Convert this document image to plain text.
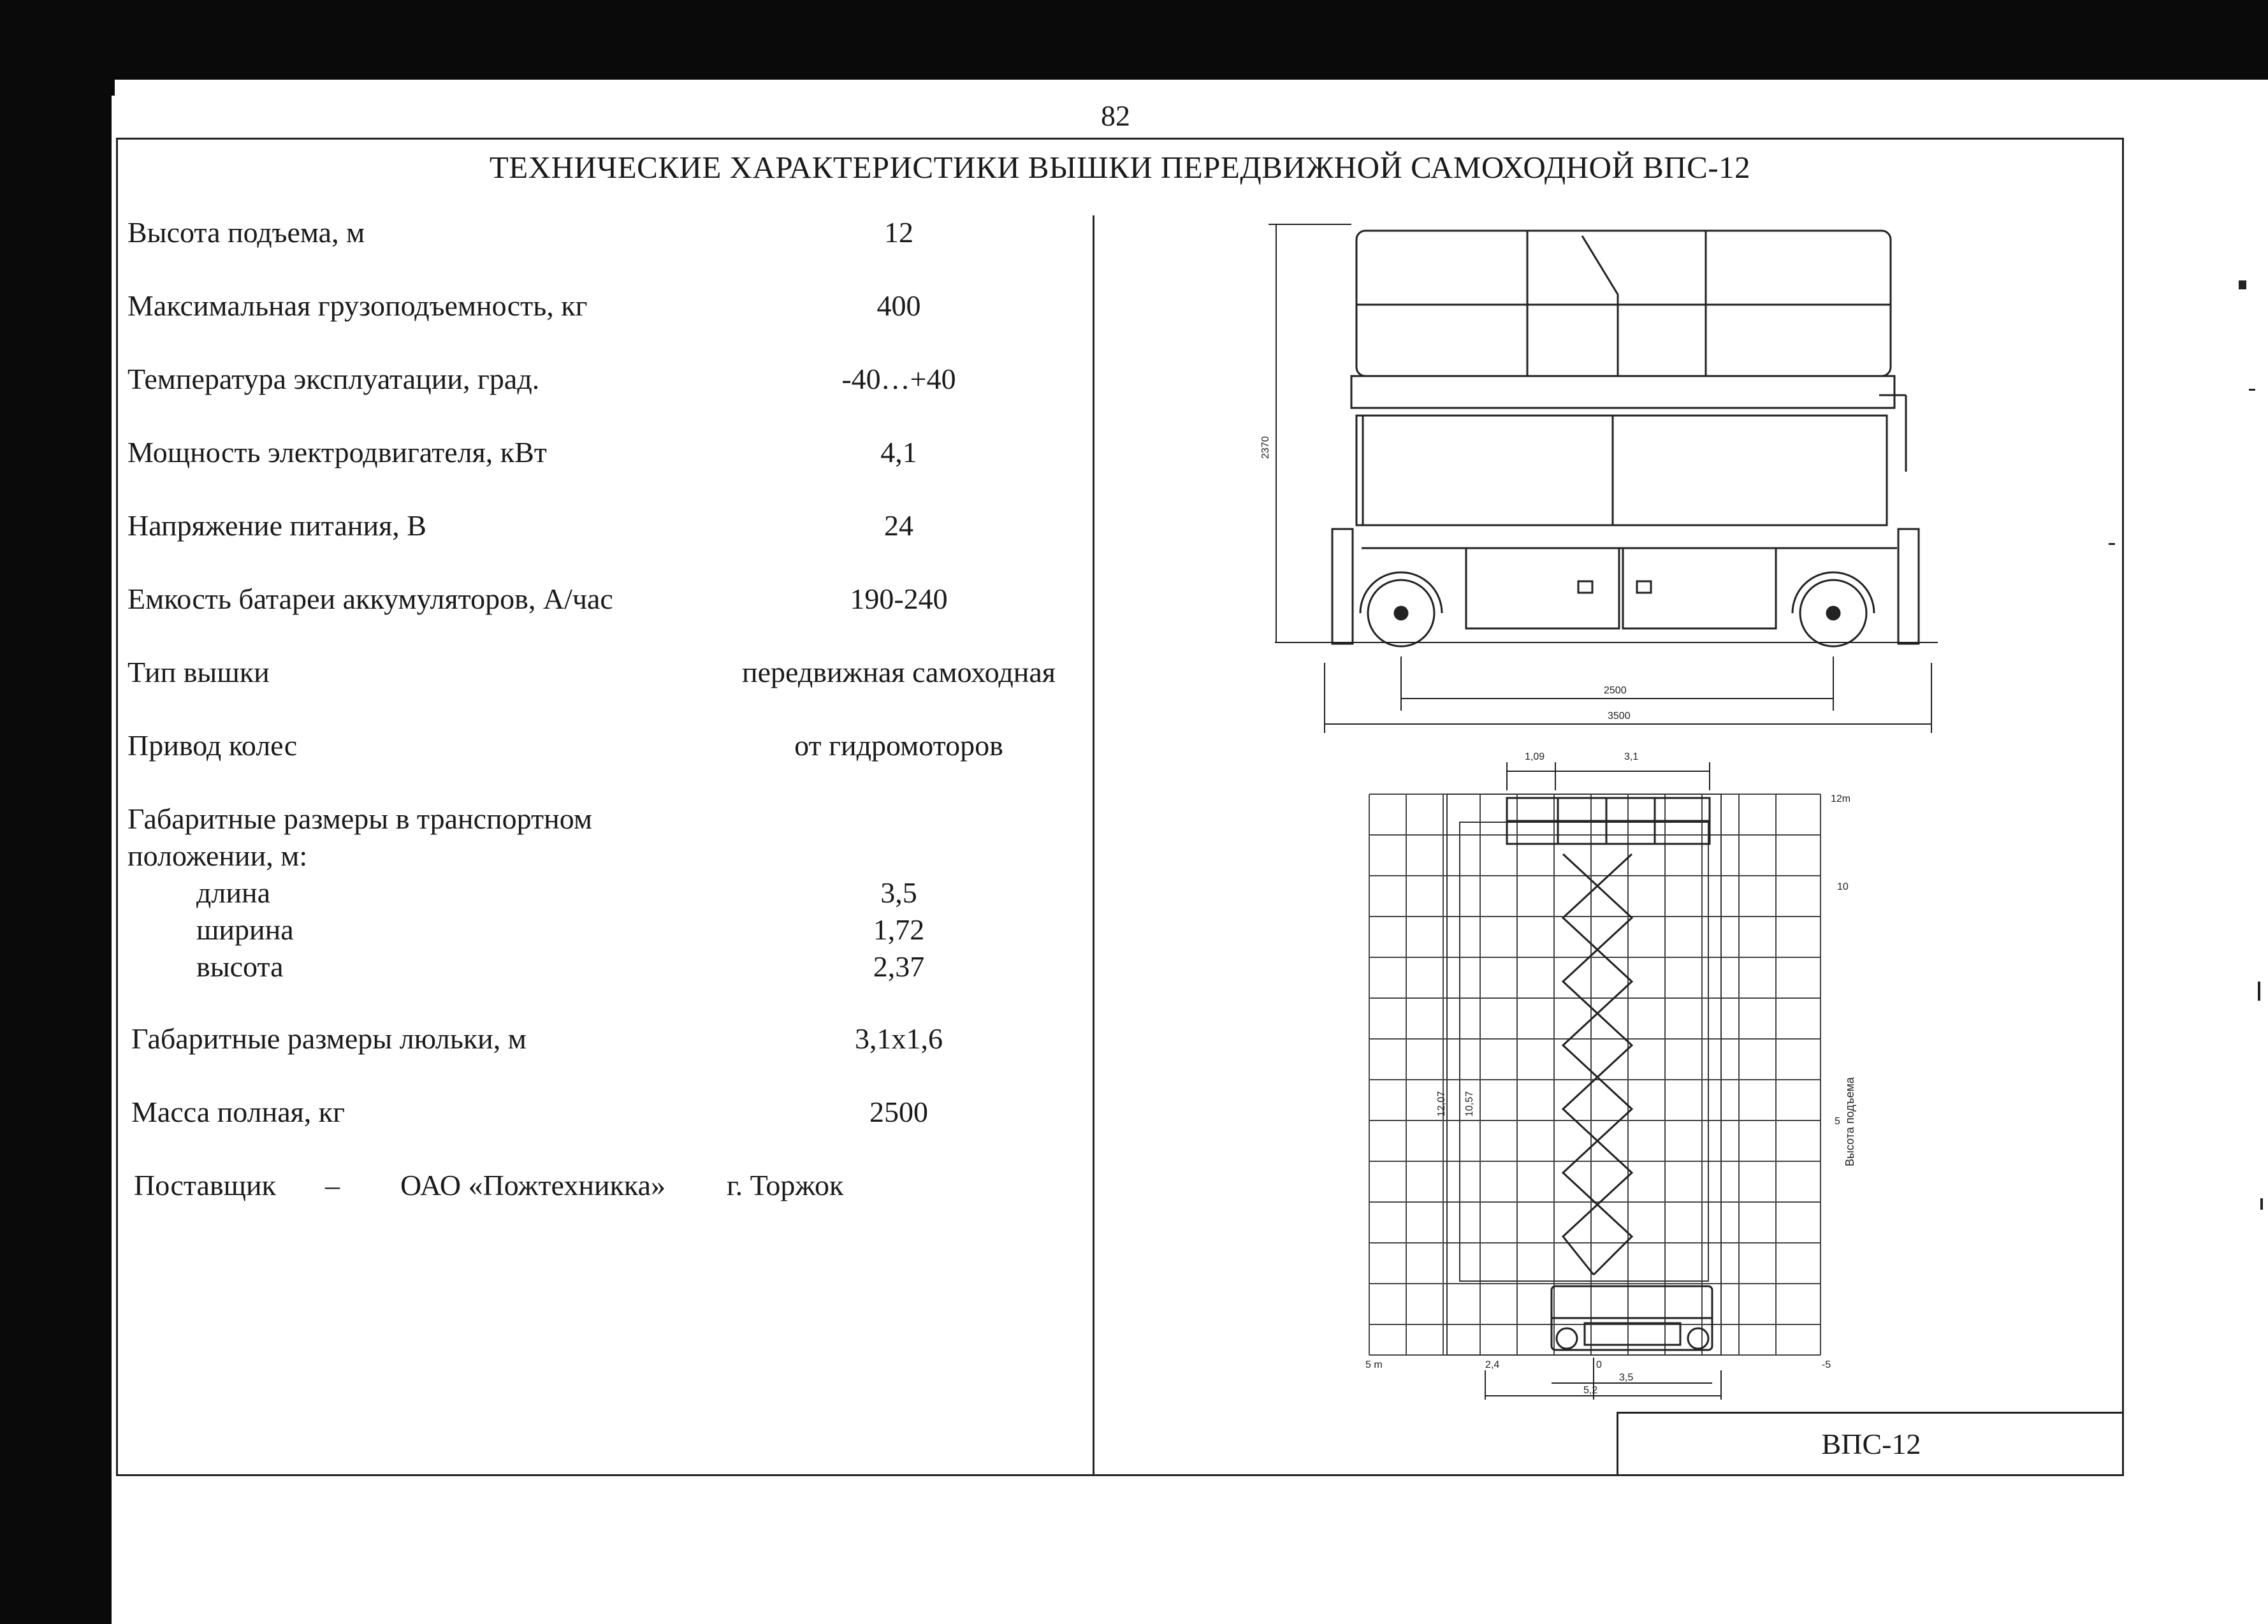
82
ТЕХНИЧЕСКИЕ ХАРАКТЕРИСТИКИ ВЫШКИ ПЕРЕДВИЖНОЙ САМОХОДНОЙ ВПС-12
Высота подъема, м	12
Максимальная грузоподъемность, кг	400
Температура эксплуатации, град.	-40…+40
Мощность электродвигателя, кВт	4,1
Напряжение питания, В	24
Емкость батареи аккумуляторов, А/час	190-240
Тип вышки	передвижная самоходная
Привод колес	от гидромоторов
Габаритные размеры в транспортном
положении, м:
длина	3,5
ширина	1,72
высота	2,37
Габаритные размеры люльки, м	3,1x1,6
Масса полная, кг	2500
Поставщик – ОАО «Пожтехникка» г. Торжок
ВПС-12
2370
2500
3500
1,09	3,1
12m
10
5 Высота подъема
12,07 10,57
5 m	2,4	0	-5
3,5
5,2
